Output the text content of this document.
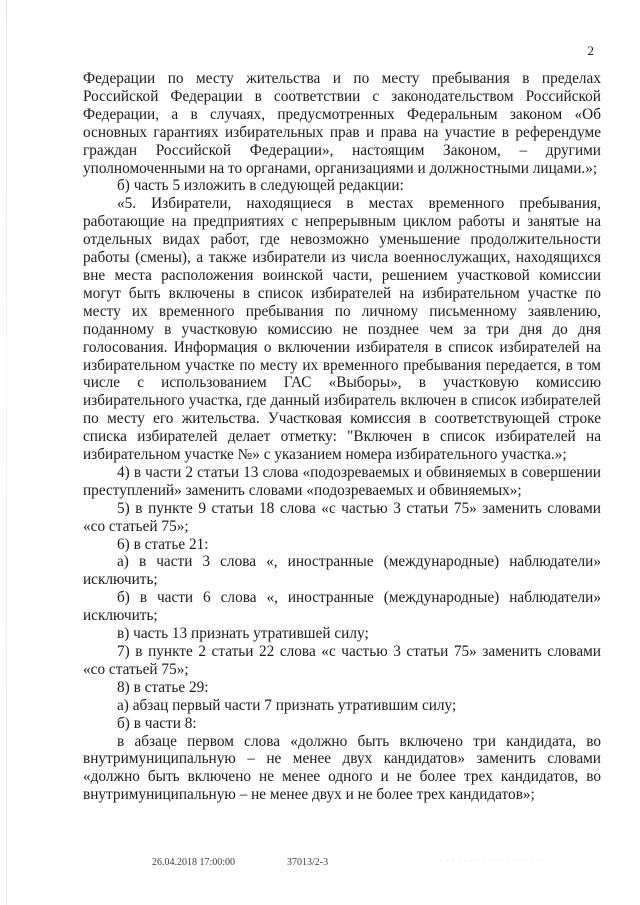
2

Федерации по месту жительства и по месту пребывания в пределах Российской Федерации в соответствии с законодательством Российской Федерации, а в случаях, предусмотренных Федеральным законом «Об основных гарантиях избирательных прав и права на участие в референдуме граждан Российской Федерации», настоящим Законом, – другими уполномоченными на то органами, организациями и должностными лицами.»;

б) часть 5 изложить в следующей редакции:

«5. Избиратели, находящиеся в местах временного пребывания, работающие на предприятиях с непрерывным циклом работы и занятые на отдельных видах работ, где невозможно уменьшение продолжительности работы (смены), а также избиратели из числа военнослужащих, находящихся вне места расположения воинской части, решением участковой комиссии могут быть включены в список избирателей на избирательном участке по месту их временного пребывания по личному письменному заявлению, поданному в участковую комиссию не позднее чем за три дня до дня голосования. Информация о включении избирателя в список избирателей на избирательном участке по месту их временного пребывания передается, в том числе с использованием ГАС «Выборы», в участковую комиссию избирательного участка, где данный избиратель включен в список избирателей по месту его жительства. Участковая комиссия в соответствующей строке списка избирателей делает отметку: "Включен в список избирателей на избирательном участке №» с указанием номера избирательного участка.»;

4) в части 2 статьи 13 слова «подозреваемых и обвиняемых в совершении преступлений» заменить словами «подозреваемых и обвиняемых»;

5) в пункте 9 статьи 18 слова «с частью 3 статьи 75» заменить словами «со статьей 75»;

6) в статье 21:

а) в части 3 слова «, иностранные (международные) наблюдатели» исключить;

б) в части 6 слова «, иностранные (международные) наблюдатели» исключить;

в) часть 13 признать утратившей силу;

7) в пункте 2 статьи 22 слова «с частью 3 статьи 75» заменить словами «со статьей 75»;

8) в статье 29:

а) абзац первый части 7 признать утратившим силу;

б) в части 8:

в абзаце первом слова «должно быть включено три кандидата, во внутримуниципальную – не менее двух кандидатов» заменить словами «должно быть включено не менее одного и не более трех кандидатов, во внутримуниципальную – не менее двух и не более трех кандидатов»;

26.04.2018 17:00:00	37013/2-3	· · · · · · · · · · · · · · · · ·
